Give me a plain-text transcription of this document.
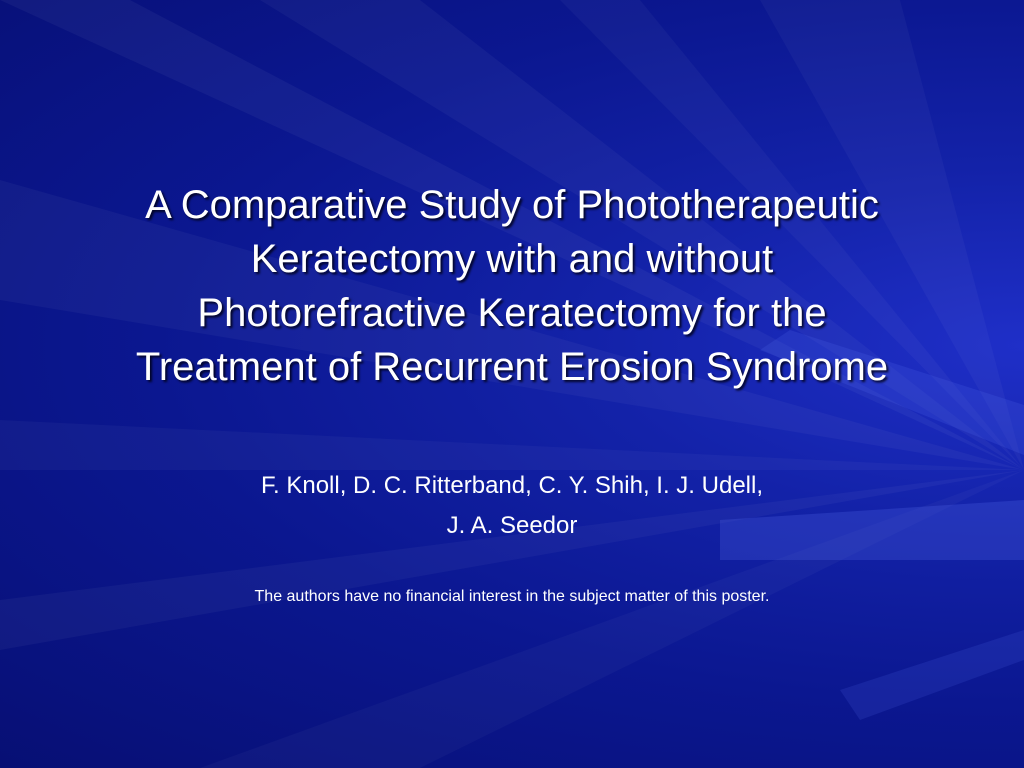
A Comparative Study of Phototherapeutic
Keratectomy with and without
Photorefractive Keratectomy for the
Treatment of Recurrent Erosion Syndrome
F. Knoll, D. C. Ritterband, C. Y. Shih, I. J. Udell,
J. A. Seedor
The authors have no financial interest in the subject matter of this poster.
